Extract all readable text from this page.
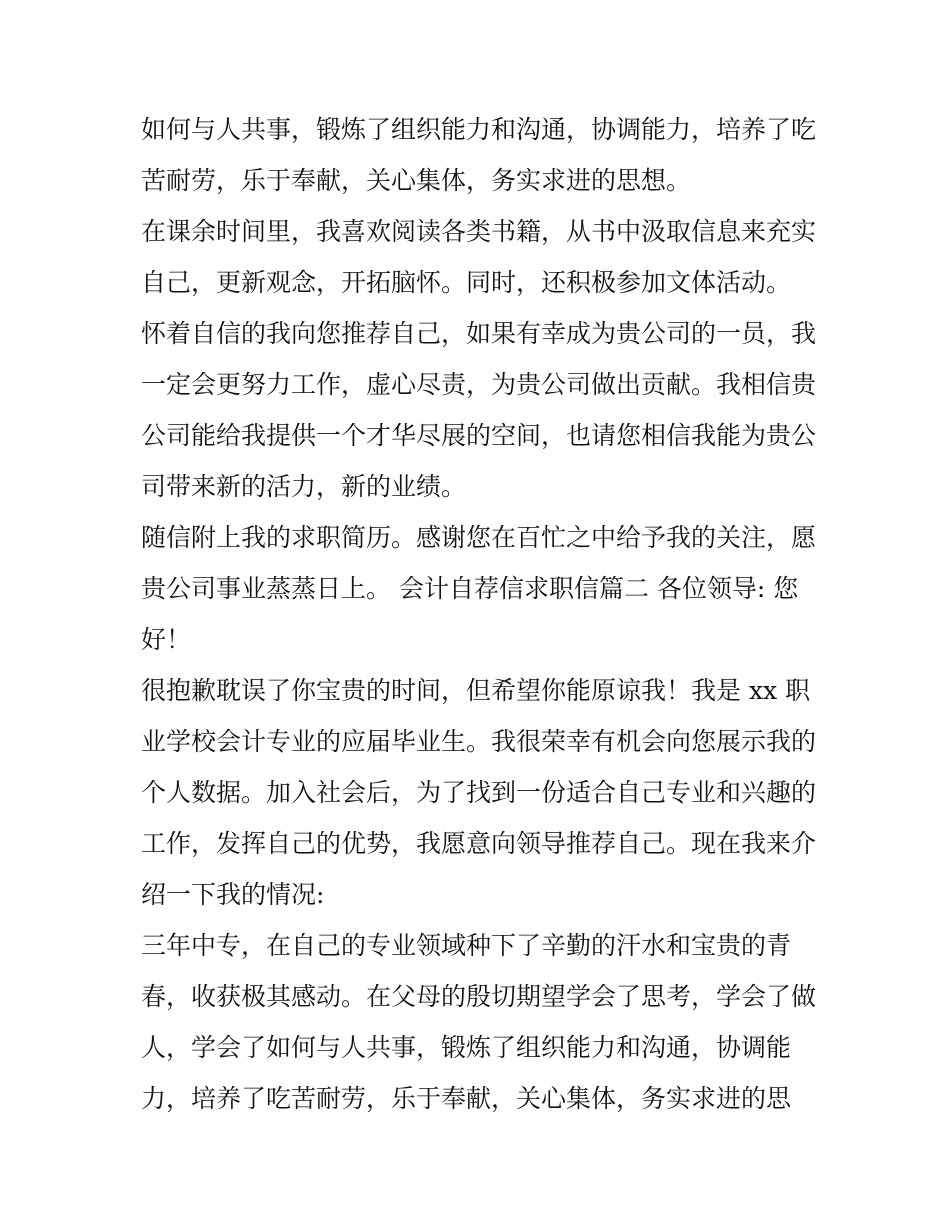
如何与人共事，锻炼了组织能力和沟通，协调能力，培养了吃
苦耐劳，乐于奉献，关心集体，务实求进的思想。
在课余时间里，我喜欢阅读各类书籍，从书中汲取信息来充实
自己，更新观念，开拓脑怀。同时，还积极参加文体活动。
怀着自信的我向您推荐自己，如果有幸成为贵公司的一员，我
一定会更努力工作，虚心尽责，为贵公司做出贡献。我相信贵
公司能给我提供一个才华尽展的空间，也请您相信我能为贵公
司带来新的活力，新的业绩。
随信附上我的求职简历。感谢您在百忙之中给予我的关注，愿
贵公司事业蒸蒸日上。 会计自荐信求职信篇二 各位领导: 您
好！
很抱歉耽误了你宝贵的时间，但希望你能原谅我！我是 xx 职
业学校会计专业的应届毕业生。我很荣幸有机会向您展示我的
个人数据。加入社会后，为了找到一份适合自己专业和兴趣的
工作，发挥自己的优势，我愿意向领导推荐自己。现在我来介
绍一下我的情况:
三年中专，在自己的专业领域种下了辛勤的汗水和宝贵的青
春，收获极其感动。在父母的殷切期望学会了思考，学会了做
人，学会了如何与人共事，锻炼了组织能力和沟通，协调能
力，培养了吃苦耐劳，乐于奉献，关心集体，务实求进的思
